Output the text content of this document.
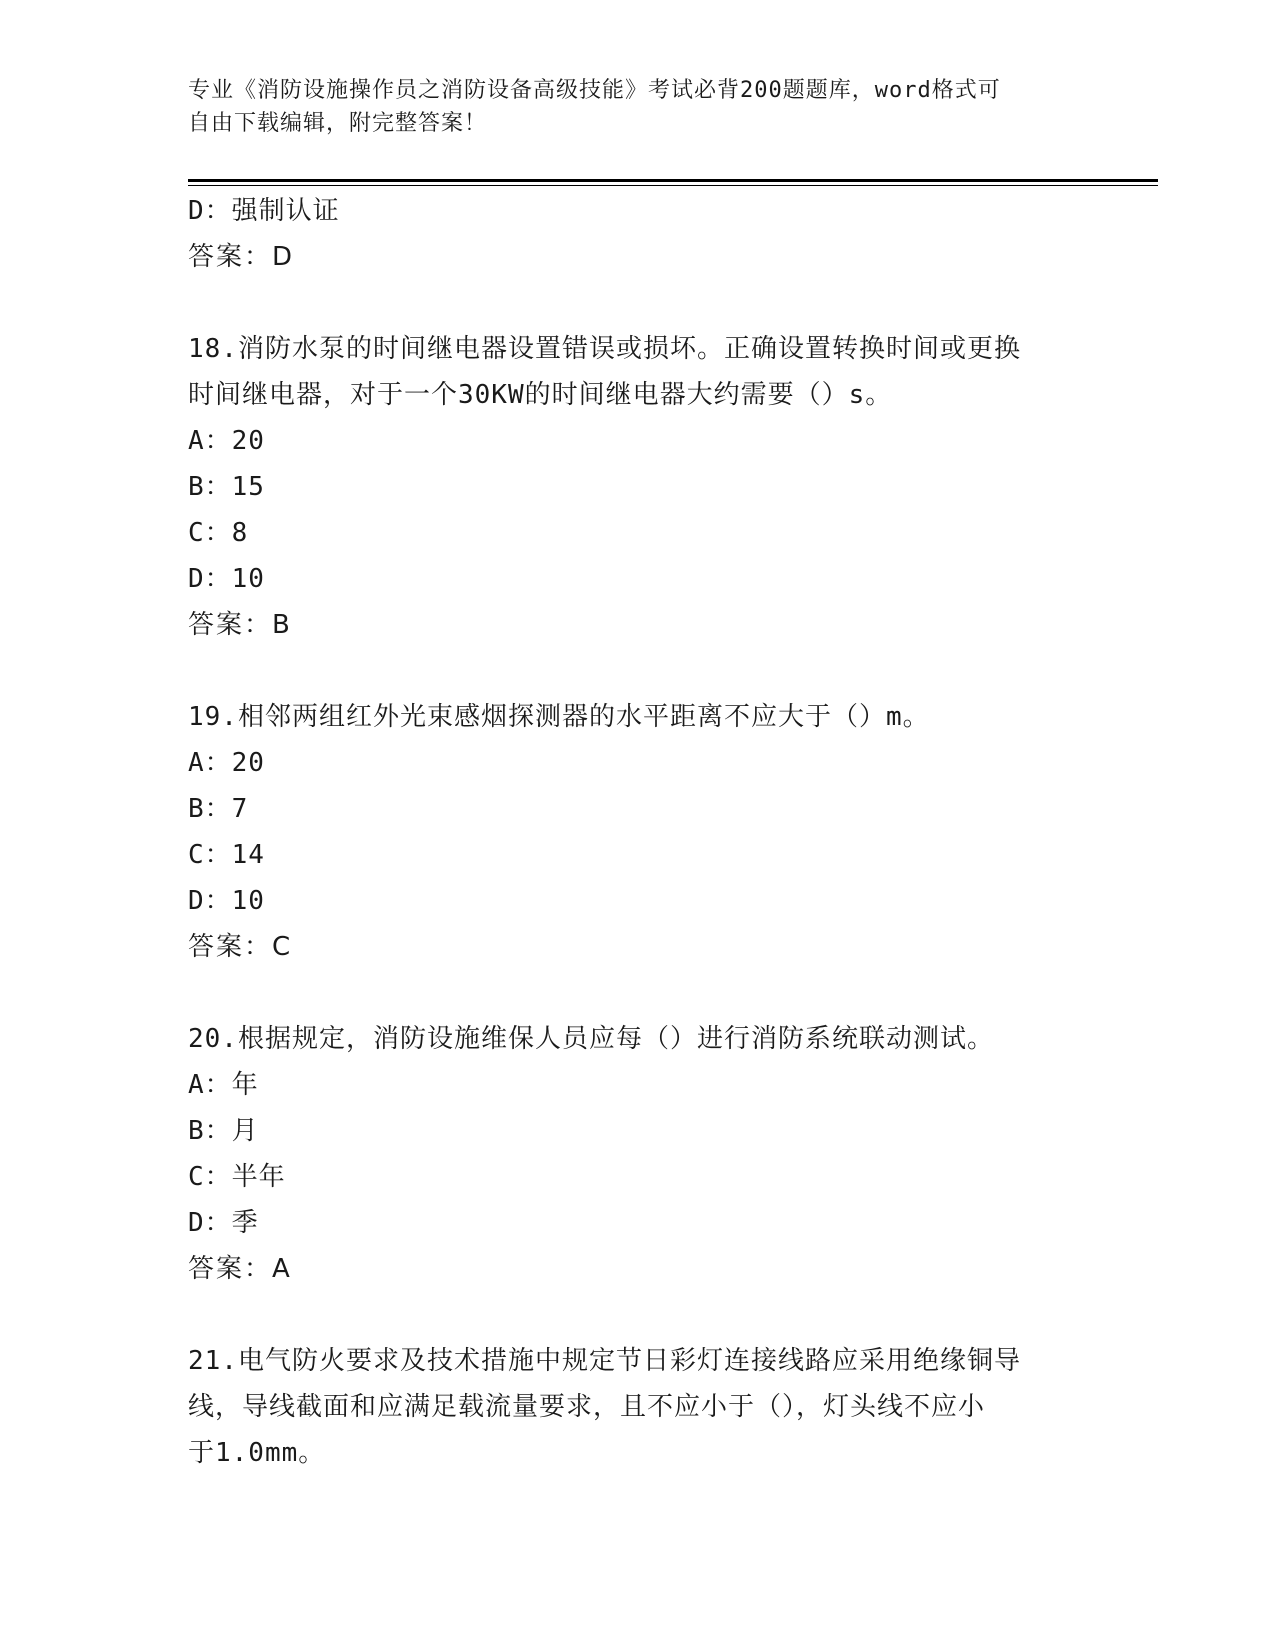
专业《消防设施操作员之消防设备高级技能》考试必背200题题库，word格式可
自由下载编辑，附完整答案！
D：强制认证
答案：D
18.消防水泵的时间继电器设置错误或损坏。正确设置转换时间或更换
时间继电器，对于一个30KW的时间继电器大约需要（）s。
A：20
B：15
C：8
D：10
答案：B
19.相邻两组红外光束感烟探测器的水平距离不应大于（）m。
A：20
B：7
C：14
D：10
答案：C
20.根据规定，消防设施维保人员应每（）进行消防系统联动测试。
A：年
B：月
C：半年
D：季
答案：A
21.电气防火要求及技术措施中规定节日彩灯连接线路应采用绝缘铜导
线，导线截面和应满足载流量要求，且不应小于（），灯头线不应小
于1.0mm。
